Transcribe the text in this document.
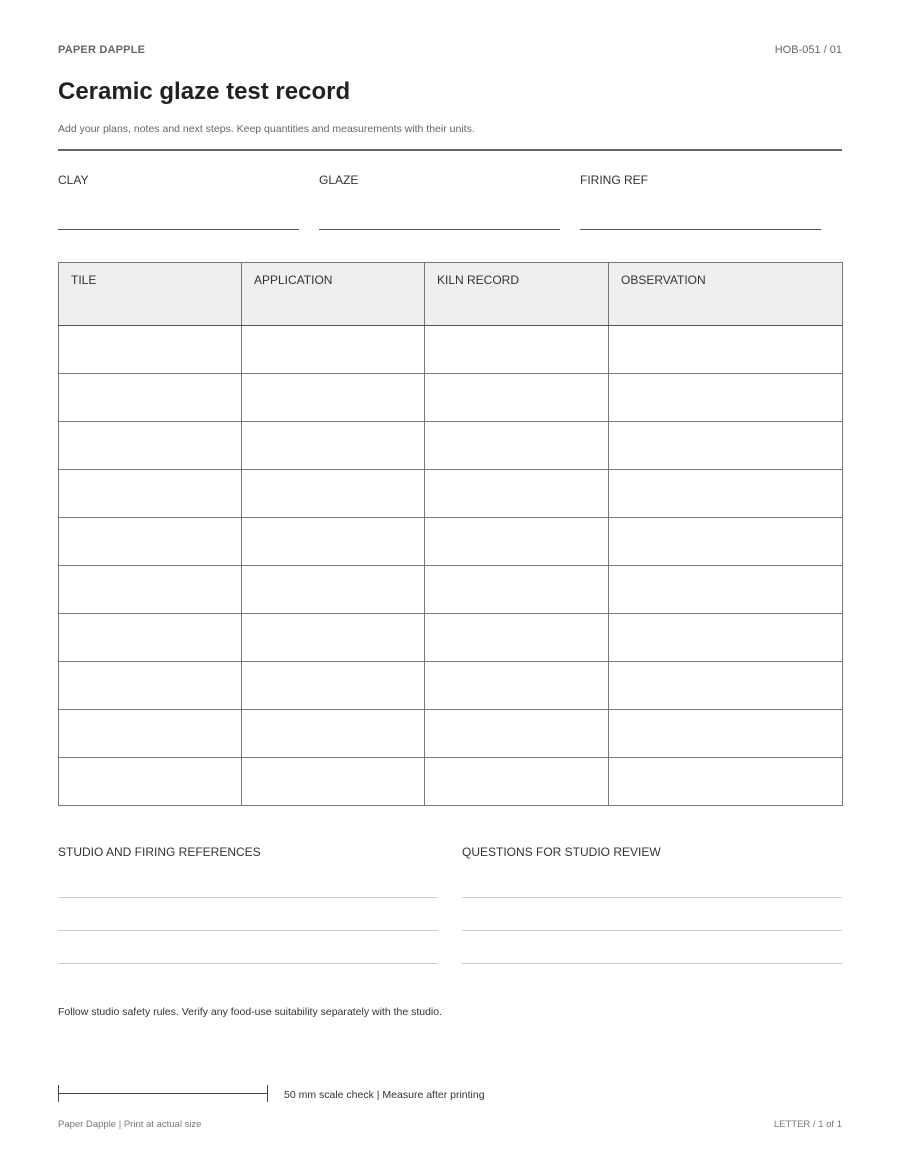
PAPER DAPPLE	HOB-051 / 01
Ceramic glaze test record
Add your plans, notes and next steps. Keep quantities and measurements with their units.
CLAY	GLAZE	FIRING REF
TILE	APPLICATION	KILN RECORD	OBSERVATION

STUDIO AND FIRING REFERENCES	QUESTIONS FOR STUDIO REVIEW
Follow studio safety rules. Verify any food-use suitability separately with the studio.
50 mm scale check | Measure after printing
Paper Dapple | Print at actual size	LETTER / 1 of 1
